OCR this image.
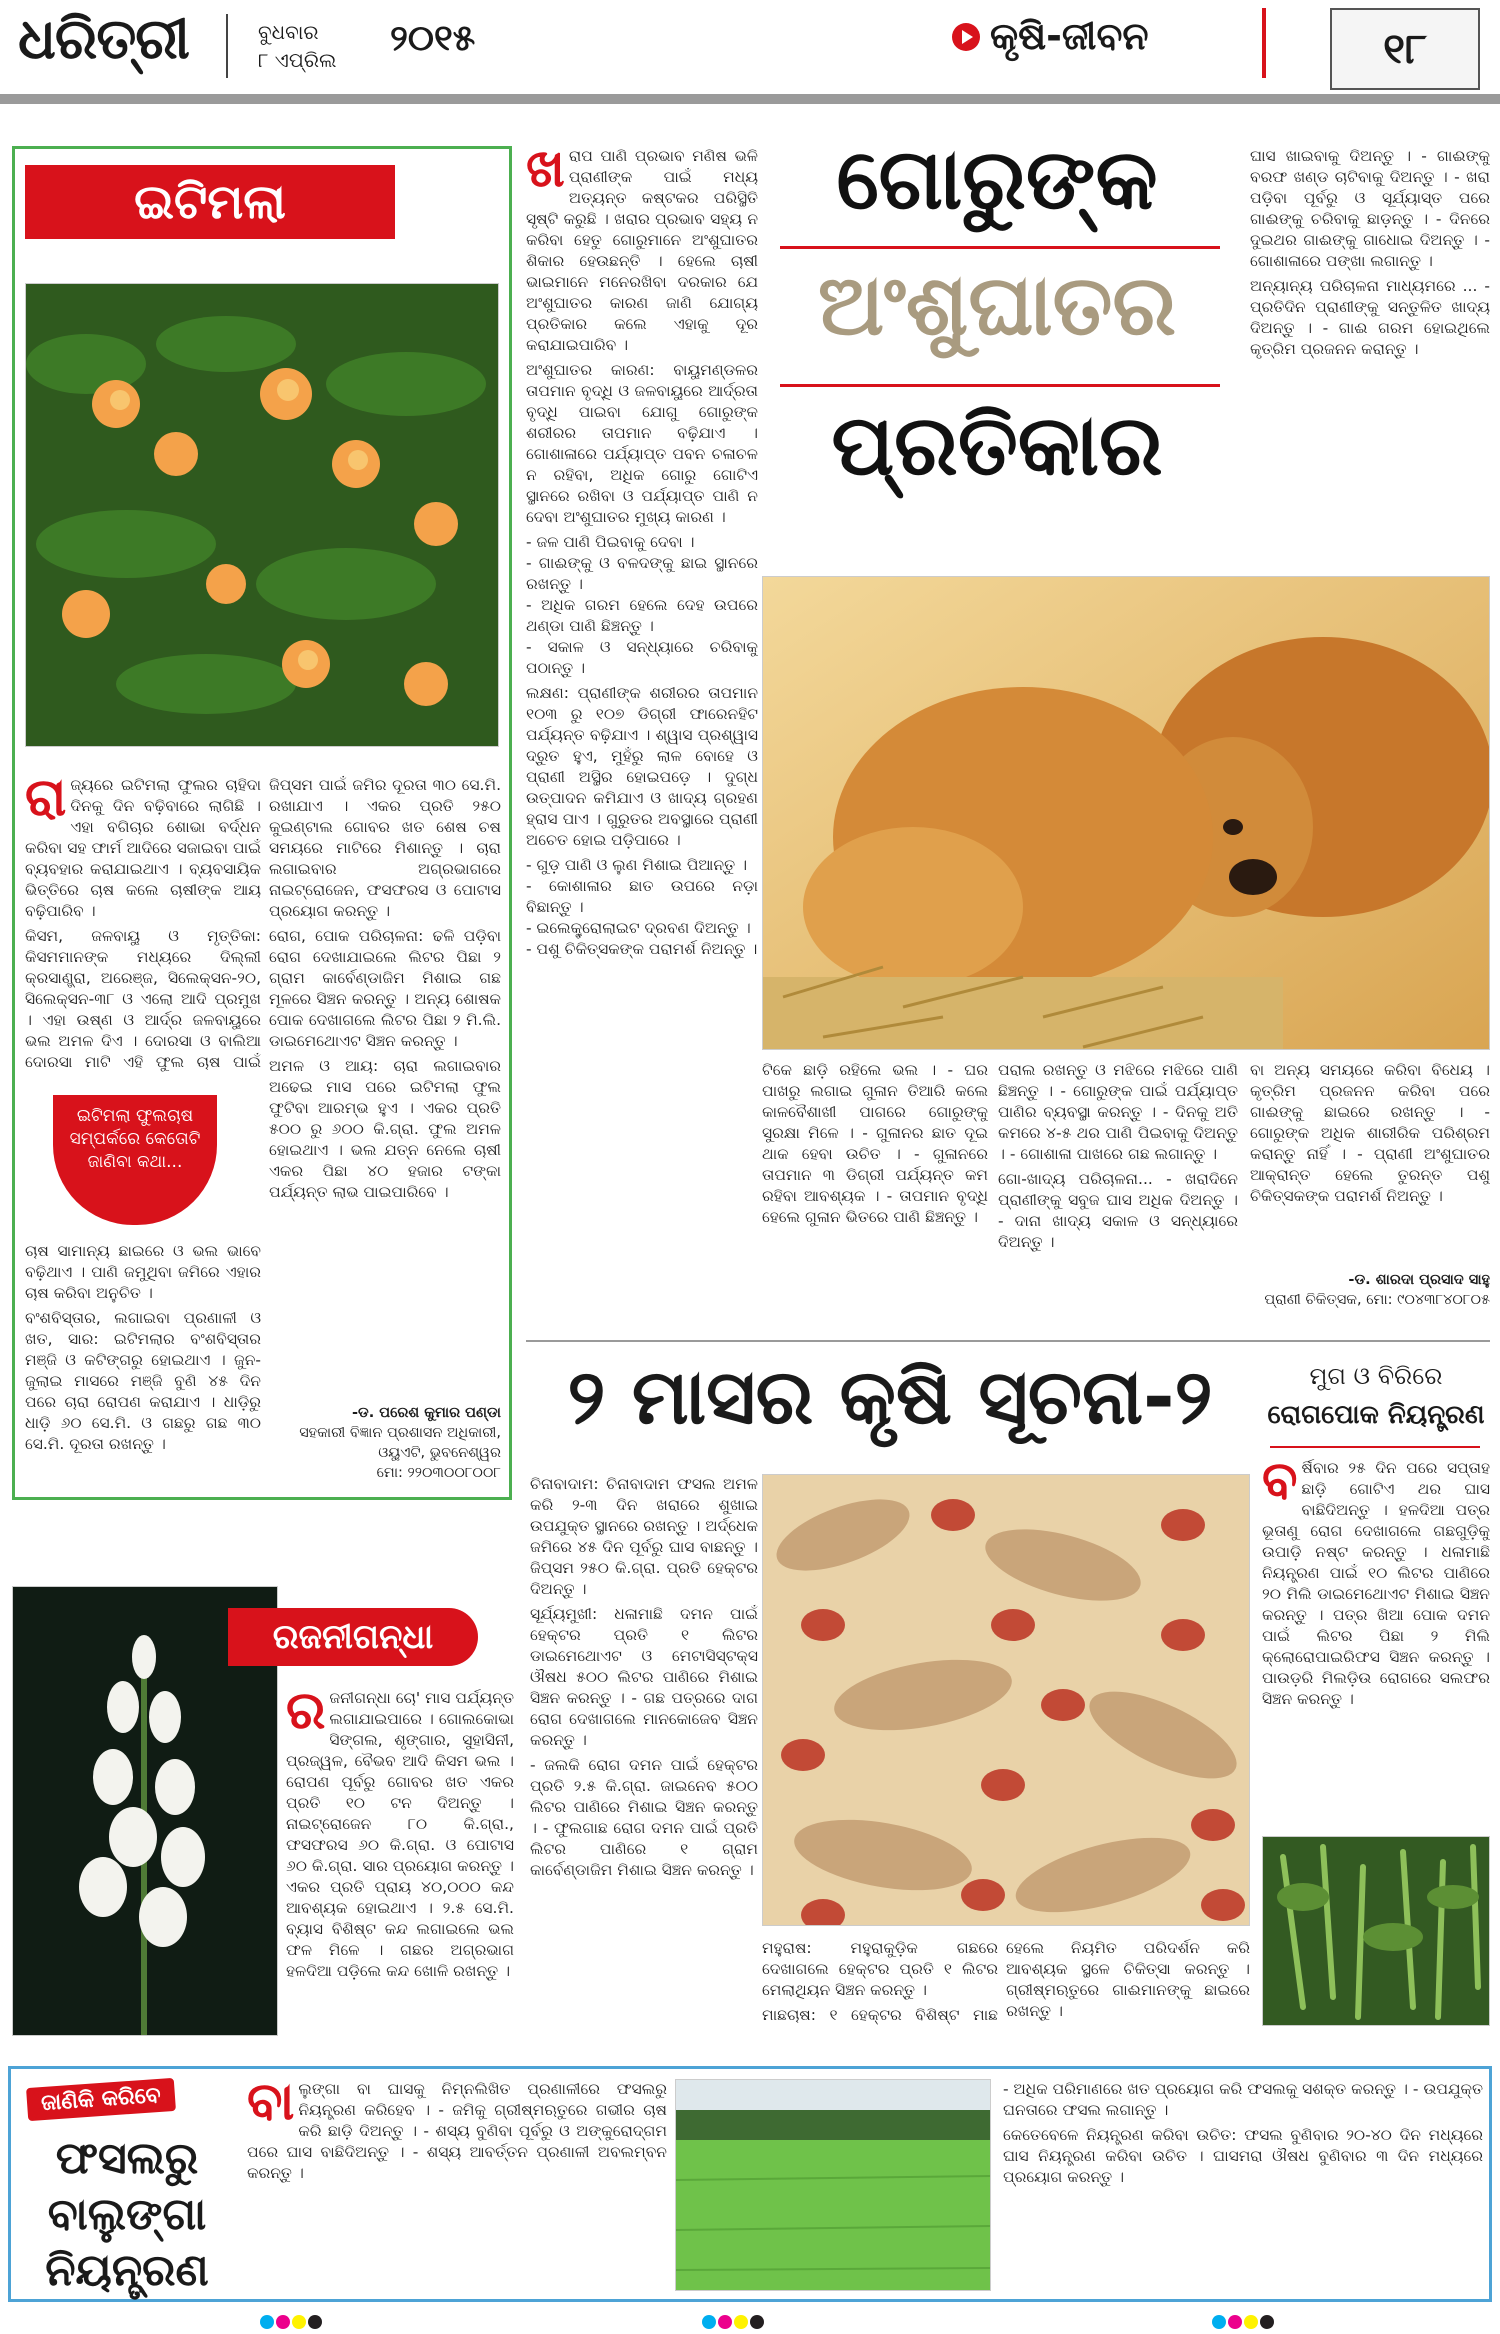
ଧରିତ୍ରୀ	ବୁଧବାର
୮ ଏପ୍ରିଲ
୨୦୧୫	କୃଷି-ଜୀବନ	୧୮
ଇଟିମଲା
ରା ଜ୍ୟରେ ଇଟିମଲା ଫୁଲର ଚାହିଦା ଦିନକୁ ଦିନ ବଢ଼ିବାରେ ଲାଗିଛି । ଏହା ବଗିଚାର ଶୋଭା ବର୍ଦ୍ଧନ କରିବା ସହ ଫାର୍ମ ଆଦିରେ ସଜାଇବା ପାଇଁ ବ୍ୟବହାର କରାଯାଇଥାଏ । ବ୍ୟବସାୟିକ ଭିତ୍ତିରେ ଚାଷ କଲେ ଚାଷୀଙ୍କ ଆୟ ବଢ଼ିପାରିବ ।

କିସମ, ଜଳବାୟୁ ଓ ମୃତ୍ତିକା: କିସମମାନଙ୍କ ମଧ୍ୟରେ ଦିଲ୍ଲୀ କ୍ରସାଣ୍ଡ୍ରା, ଅରେଞ୍ଜ, ସିଲେକ୍ସନ-୨୦, ସିଲେକ୍ସନ-୩୮ ଓ ଏଲୋ ଆଦି ପ୍ରମୁଖ । ଏହା ଉଷ୍ଣ ଓ ଆର୍ଦ୍ର ଜଳବାୟୁରେ ଭଲ ଅମଳ ଦିଏ । ଦୋରସା ଓ ବାଲିଆ ଦୋରସା ମାଟି ଏହି ଫୁଲ ଚାଷ ପାଇଁ

ଇଟିମଲା ଫୁଲଚାଷ ସମ୍ପର୍କରେ କେତୋଟି ଜାଣିବା କଥା...

ଚାଷ ସାମାନ୍ୟ ଛାଇରେ ଓ ଭଲ ଭାବେ ବଢ଼ିଥାଏ । ପାଣି ଜମୁଥିବା ଜମିରେ ଏହାର ଚାଷ କରିବା ଅନୁଚିତ ।

ବଂଶବିସ୍ତାର, ଲଗାଇବା ପ୍ରଣାଳୀ ଓ ଖତ, ସାର: ଇଟିମଲାର ବଂଶବିସ୍ତାର ମଞ୍ଜି ଓ କଟିଙ୍ଗରୁ ହୋଇଥାଏ । ଜୁନ-ଜୁଲାଇ ମାସରେ ମଞ୍ଜି ବୁଣି ୪୫ ଦିନ ପରେ ଚାରା ରୋପଣ କରାଯାଏ । ଧାଡ଼ିରୁ ଧାଡ଼ି ୬୦ ସେ.ମି. ଓ ଗଛରୁ ଗଛ ୩୦ ସେ.ମି. ଦୂରତା ରଖନ୍ତୁ ।

ଜିପ୍ସମ ପାଇଁ ଜମିର ଦୂରତା ୩୦ ସେ.ମି. ରଖାଯାଏ । ଏକର ପ୍ରତି ୨୫୦ କୁଇଣ୍ଟାଲ ଗୋବର ଖତ ଶେଷ ଚଷ ସମୟରେ ମାଟିରେ ମିଶାନ୍ତୁ । ଚାରା ଲଗାଇବାର ଅଗ୍ରଭାଗରେ ନାଇଟ୍ରୋଜେନ, ଫସଫରସ ଓ ପୋଟାସ ପ୍ରୟୋଗ କରନ୍ତୁ ।

ରୋଗ, ପୋକ ପରିଚାଳନା: ଢଳି ପଡ଼ିବା ରୋଗ ଦେଖାଯାଇଲେ ଲିଟର ପିଛା ୨ ଗ୍ରାମ କାର୍ବେଣ୍ଡାଜିମ ମିଶାଇ ଗଛ ମୂଳରେ ସିଞ୍ଚନ କରନ୍ତୁ । ଅନ୍ୟ ଶୋଷକ ପୋକ ଦେଖାଗଲେ ଲିଟର ପିଛା ୨ ମି.ଲି. ଡାଇମେଥୋଏଟ ସିଞ୍ଚନ କରନ୍ତୁ ।

ଅମଳ ଓ ଆୟ: ଚାରା ଲଗାଇବାର ଅଢେଇ ମାସ ପରେ ଇଟିମଲା ଫୁଲ ଫୁଟିବା ଆରମ୍ଭ ହୁଏ । ଏକର ପ୍ରତି ୫୦୦ ରୁ ୬୦୦ କି.ଗ୍ରା. ଫୁଲ ଅମଳ ହୋଇଥାଏ । ଭଲ ଯତ୍ନ ନେଲେ ଚାଷୀ ଏକର ପିଛା ୪୦ ହଜାର ଟଙ୍କା ପର୍ଯ୍ୟନ୍ତ ଲାଭ ପାଇପାରିବେ ।

-ଡ. ପରେଶ କୁମାର ପଣ୍ଡା
ସହକାରୀ ବିଜ୍ଞାନ ପ୍ରଶାସନ ଅଧିକାରୀ, ଓୟୁଏଟି, ଭୁବନେଶ୍ୱର
ମୋ: ୨୨୦୩୦୦୮୦୦୮
ରଜନୀଗନ୍ଧା
ର ଜନୀଗନ୍ଧା ଚୋ' ମାସ ପର୍ଯ୍ୟନ୍ତ ଲଗାଯାଇପାରେ । ଗୋଲକୋଭା ସିଙ୍ଗଲ, ଶୃଙ୍ଗାର, ସୁହାସିନୀ, ପ୍ରଜ୍ୱଳ, ବୈଭବ ଆଦି କିସମ ଭଲ । ରୋପଣ ପୂର୍ବରୁ ଗୋବର ଖତ ଏକର ପ୍ରତି ୧୦ ଟନ ଦିଅନ୍ତୁ । ନାଇଟ୍ରୋଜେନ ୮୦ କି.ଗ୍ରା., ଫସଫରସ ୬୦ କି.ଗ୍ରା. ଓ ପୋଟାସ ୬୦ କି.ଗ୍ରା. ସାର ପ୍ରୟୋଗ କରନ୍ତୁ । ଏକର ପ୍ରତି ପ୍ରାୟ ୪୦,୦୦୦ କନ୍ଦ ଆବଶ୍ୟକ ହୋଇଥାଏ । ୨.୫ ସେ.ମି. ବ୍ୟାସ ବିଶିଷ୍ଟ କନ୍ଦ ଲଗାଇଲେ ଭଲ ଫଳ ମିଳେ । ଗଛର ଅଗ୍ରଭାଗ ହଳଦିଆ ପଡ଼ିଲେ କନ୍ଦ ଖୋଳି ରଖନ୍ତୁ ।

ଖ ରାପ ପାଣି ପ୍ରଭାବ ମଣିଷ ଭଳି ପ୍ରାଣୀଙ୍କ ପାଇଁ ମଧ୍ୟ ଅତ୍ୟନ୍ତ କଷ୍ଟକର ପରିସ୍ଥିତି ସୃଷ୍ଟି କରୁଛି । ଖରାର ପ୍ରଭାବ ସହ୍ୟ ନ କରିବା ହେତୁ ଗୋରୁମାନେ ଅଂଶୁଘାତର ଶିକାର ହେଉଛନ୍ତି । ହେଲେ ଚାଷୀ ଭାଇମାନେ ମନେରଖିବା ଦରକାର ଯେ ଅଂଶୁଘାତର କାରଣ ଜାଣି ଯୋଗ୍ୟ ପ୍ରତିକାର କଲେ ଏହାକୁ ଦୂର କରାଯାଇପାରିବ ।

ଅଂଶୁଘାତର କାରଣ: ବାୟୁମଣ୍ଡଳର ତାପମାନ ବୃଦ୍ଧି ଓ ଜଳବାୟୁରେ ଆର୍ଦ୍ରତା ବୃଦ୍ଧି ପାଇବା ଯୋଗୁ ଗୋରୁଙ୍କ ଶରୀରର ତାପମାନ ବଢ଼ିଯାଏ । ଗୋଶାଳାରେ ପର୍ଯ୍ୟାପ୍ତ ପବନ ଚଳାଚଳ ନ ରହିବା, ଅଧିକ ଗୋରୁ ଗୋଟିଏ ସ୍ଥାନରେ ରଖିବା ଓ ପର୍ଯ୍ୟାପ୍ତ ପାଣି ନ ଦେବା ଅଂଶୁଘାତର ମୁଖ୍ୟ କାରଣ ।

- ଜଳ ପାଣି ପିଇବାକୁ ଦେବା ।
- ଗାଈଙ୍କୁ ଓ ବଳଦଙ୍କୁ ଛାଇ ସ୍ଥାନରେ ରଖନ୍ତୁ ।
- ଅଧିକ ଗରମ ହେଲେ ଦେହ ଉପରେ ଥଣ୍ଡା ପାଣି ଛିଞ୍ଚନ୍ତୁ ।
- ସକାଳ ଓ ସନ୍ଧ୍ୟାରେ ଚରିବାକୁ ପଠାନ୍ତୁ ।

ଲକ୍ଷଣ: ପ୍ରାଣୀଙ୍କ ଶରୀରର ତାପମାନ ୧୦୩ ରୁ ୧୦୭ ଡିଗ୍ରୀ ଫାରେନହିଟ ପର୍ଯ୍ୟନ୍ତ ବଢ଼ିଯାଏ । ଶ୍ୱାସ ପ୍ରଶ୍ୱାସ ଦ୍ରୁତ ହୁଏ, ମୁହଁରୁ ଲାଳ ବୋହେ ଓ ପ୍ରାଣୀ ଅସ୍ଥିର ହୋଇପଡ଼େ । ଦୁଗ୍ଧ ଉତ୍ପାଦନ କମିଯାଏ ଓ ଖାଦ୍ୟ ଗ୍ରହଣ ହ୍ରାସ ପାଏ । ଗୁରୁତର ଅବସ୍ଥାରେ ପ୍ରାଣୀ ଅଚେତ ହୋଇ ପଡ଼ିପାରେ ।

- ଗୁଡ଼ ପାଣି ଓ ଲୁଣ ମିଶାଇ ପିଆନ୍ତୁ ।
- କୋଶାଳାର ଛାତ ଉପରେ ନଡ଼ା ବିଛାନ୍ତୁ ।
- ଇଲେକ୍ଟ୍ରୋଲାଇଟ ଦ୍ରବଣ ଦିଅନ୍ତୁ ।
- ପଶୁ ଚିକିତ୍ସକଙ୍କ ପରାମର୍ଶ ନିଅନ୍ତୁ ।

ଗୋରୁଙ୍କ
ଅଂଶୁଘାତର
ପ୍ରତିକାର

ଘାସ ଖାଇବାକୁ ଦିଅନ୍ତୁ । - ଗାଈଙ୍କୁ ବରଫ ଖଣ୍ଡ ଚାଟିବାକୁ ଦିଅନ୍ତୁ । - ଖରା ପଡ଼ିବା ପୂର୍ବରୁ ଓ ସୂର୍ଯ୍ୟାସ୍ତ ପରେ ଗାଈଙ୍କୁ ଚରିବାକୁ ଛାଡ଼ନ୍ତୁ । - ଦିନରେ ଦୁଇଥର ଗାଈଙ୍କୁ ଗାଧୋଇ ଦିଅନ୍ତୁ । - ଗୋଶାଳାରେ ପଙ୍ଖା ଲଗାନ୍ତୁ ।

ଅନ୍ୟାନ୍ୟ ପରିଚାଳନା ମାଧ୍ୟମରେ ... - ପ୍ରତିଦିନ ପ୍ରାଣୀଙ୍କୁ ସନ୍ତୁଳିତ ଖାଦ୍ୟ ଦିଅନ୍ତୁ । - ଗାଈ ଗରମ ହୋଇଥିଲେ କୃତ୍ରିମ ପ୍ରଜନନ କରାନ୍ତୁ ।

ଟିକେ ଛାଡ଼ି ରହିଲେ ଭଲ । - ଘର ପାଖରୁ ଲଗାଇ ଗୁଳାନ ତିଆରି କଲେ କାଳବୈଶାଖୀ ପାଗରେ ଗୋରୁଙ୍କୁ ସୁରକ୍ଷା ମିଳେ । - ଗୁଳାନର ଛାତ ଦୂଇ ଥାକ ହେବା ଉଚିତ । - ଗୁଳାନରେ ତାପମାନ ୩ ଡିଗ୍ରୀ ପର୍ଯ୍ୟନ୍ତ କମ ରହିବା ଆବଶ୍ୟକ । - ତାପମାନ ବୃଦ୍ଧି ହେଲେ ଗୁଳାନ ଭିତରେ ପାଣି ଛିଞ୍ଚନ୍ତୁ ।

ପରାଲ ରଖନ୍ତୁ ଓ ମଝିରେ ମଝିରେ ପାଣି ଛିଞ୍ଚନ୍ତୁ । - ଗୋରୁଙ୍କ ପାଇଁ ପର୍ଯ୍ୟାପ୍ତ ପାଣିର ବ୍ୟବସ୍ଥା କରନ୍ତୁ । - ଦିନକୁ ଅତି କମରେ ୪-୫ ଥର ପାଣି ପିଇବାକୁ ଦିଅନ୍ତୁ । - ଗୋଶାଳା ପାଖରେ ଗଛ ଲଗାନ୍ତୁ ।

ଗୋ-ଖାଦ୍ୟ ପରିଚାଳନା... - ଖରାଦିନେ ପ୍ରାଣୀଙ୍କୁ ସବୁଜ ଘାସ ଅଧିକ ଦିଅନ୍ତୁ । - ଦାନା ଖାଦ୍ୟ ସକାଳ ଓ ସନ୍ଧ୍ୟାରେ ଦିଅନ୍ତୁ ।

ବା ଅନ୍ୟ ସମୟରେ କରିବା ବିଧେୟ । କୃତ୍ରିମ ପ୍ରଜନନ କରିବା ପରେ ଗାଈଙ୍କୁ ଛାଇରେ ରଖନ୍ତୁ । - ଗୋରୁଙ୍କ ଅଧିକ ଶାରୀରିକ ପରିଶ୍ରମ କରାନ୍ତୁ ନାହିଁ । - ପ୍ରାଣୀ ଅଂଶୁଘାତର ଆକ୍ରାନ୍ତ ହେଲେ ତୁରନ୍ତ ପଶୁ ଚିକିତ୍ସକଙ୍କ ପରାମର୍ଶ ନିଅନ୍ତୁ ।

-ଡ. ଶାରଦା ପ୍ରସାଦ ସାହୁ
ପ୍ରାଣୀ ଚିକିତ୍ସକ, ମୋ: ୯୦୪୩୮୪୦୮୦୫
୨ ମାସର କୃଷି ସୂଚନା-୨

ଚିନାବାଦାମ: ଚିନାବାଦାମ ଫସଲ ଅମଳ କରି ୨-୩ ଦିନ ଖରାରେ ଶୁଖାଇ ଉପଯୁକ୍ତ ସ୍ଥାନରେ ରଖନ୍ତୁ । ଅର୍ଦ୍ଧେକ ଜମିରେ ୪୫ ଦିନ ପୂର୍ବରୁ ଘାସ ବାଛନ୍ତୁ । ଜିପ୍ସମ ୨୫୦ କି.ଗ୍ରା. ପ୍ରତି ହେକ୍ଟର ଦିଅନ୍ତୁ ।

ସୂର୍ଯ୍ୟମୁଖୀ: ଧଳାମାଛି ଦମନ ପାଇଁ ହେକ୍ଟର ପ୍ରତି ୧ ଲିଟର ଡାଇମେଥୋଏଟ ଓ ମେଟାସିସ୍ଟକ୍ସ ଔଷଧ ୫୦୦ ଲିଟର ପାଣିରେ ମିଶାଇ ସିଞ୍ଚନ କରନ୍ତୁ । - ଗଛ ପତ୍ରରେ ଦାଗ ରୋଗ ଦେଖାଗଲେ ମାନକୋଜେବ ସିଞ୍ଚନ କରନ୍ତୁ ।

- ଜଲକି ରୋଗ ଦମନ ପାଇଁ ହେକ୍ଟର ପ୍ରତି ୨.୫ କି.ଗ୍ରା. ଜାଇନେବ ୫୦୦ ଲିଟର ପାଣିରେ ମିଶାଇ ସିଞ୍ଚନ କରନ୍ତୁ । - ଫୁଲଗାଛ ରୋଗ ଦମନ ପାଇଁ ପ୍ରତି ଲିଟର ପାଣିରେ ୧ ଗ୍ରାମ କାର୍ବେଣ୍ଡାଜିମ ମିଶାଇ ସିଞ୍ଚନ କରନ୍ତୁ ।

ମହୁରାଷ: ମହୁରାକୁଡ଼ିକ ଗଛରେ ଦେଖାଗଲେ ହେକ୍ଟର ପ୍ରତି ୧ ଲିଟର ମେଲାଥିୟନ ସିଞ୍ଚନ କରନ୍ତୁ ।

ମାଛଚାଷ: ୧ ହେକ୍ଟର ବିଶିଷ୍ଟ ମାଛ

ହେଲେ ନିୟମିତ ପରିଦର୍ଶନ କରି ଆବଶ୍ୟକ ସ୍ଥଳେ ଚିକିତ୍ସା କରନ୍ତୁ । ଗ୍ରୀଷ୍ମଋତୁରେ ଗାଈମାନଙ୍କୁ ଛାଇରେ ରଖନ୍ତୁ ।

ମୁଗ ଓ ବିରିରେ
ରୋଗପୋକ ନିୟନ୍ତ୍ରଣ
ବ ର୍ଷିବାର ୨୫ ଦିନ ପରେ ସପ୍ତାହ ଛାଡ଼ି ଗୋଟିଏ ଥର ଘାସ ବାଛିଦିଅନ୍ତୁ । ହଳଦିଆ ପତ୍ର ଭୂତାଣୁ ରୋଗ ଦେଖାଗଲେ ଗଛଗୁଡ଼ିକୁ ଉପାଡ଼ି ନଷ୍ଟ କରନ୍ତୁ । ଧଳାମାଛି ନିୟନ୍ତ୍ରଣ ପାଇଁ ୧୦ ଲିଟର ପାଣିରେ ୨୦ ମିଲି ଡାଇମେଥୋଏଟ ମିଶାଇ ସିଞ୍ଚନ କରନ୍ତୁ । ପତ୍ର ଖିଆ ପୋକ ଦମନ ପାଇଁ ଲିଟର ପିଛା ୨ ମିଲି କ୍ଲୋରୋପାଇରିଫସ ସିଞ୍ଚନ କରନ୍ତୁ । ପାଉଡ଼ରି ମିଲଡ଼ିଉ ରୋଗରେ ସଲଫର ସିଞ୍ଚନ କରନ୍ତୁ ।

ଜାଣିକି କରିବେ
ଫସଲରୁ
ବାଲୁଙ୍ଗା
ନିୟନ୍ତ୍ରଣ
ବା ଲୁଙ୍ଗା ବା ଘାସକୁ ନିମ୍ନଲିଖିତ ପ୍ରଣାଳୀରେ ଫସଲରୁ ନିୟନ୍ତ୍ରଣ କରିହେବ । - ଜମିକୁ ଗ୍ରୀଷ୍ମଋତୁରେ ଗଭୀର ଚାଷ କରି ଛାଡ଼ି ଦିଅନ୍ତୁ । - ଶସ୍ୟ ବୁଣିବା ପୂର୍ବରୁ ଓ ଅଙ୍କୁରୋଦ୍ଗମ ପରେ ଘାସ ବାଛିଦିଅନ୍ତୁ । - ଶସ୍ୟ ଆବର୍ତ୍ତନ ପ୍ରଣାଳୀ ଅବଲମ୍ବନ କରନ୍ତୁ ।

- ଅଧିକ ପରିମାଣରେ ଖତ ପ୍ରୟୋଗ କରି ଫସଲକୁ ସଶକ୍ତ କରନ୍ତୁ । - ଉପଯୁକ୍ତ ଘନତାରେ ଫସଲ ଲଗାନ୍ତୁ ।

କେତେବେଳେ ନିୟନ୍ତ୍ରଣ କରିବା ଉଚିତ: ଫସଲ ବୁଣିବାର ୨୦-୪୦ ଦିନ ମଧ୍ୟରେ ଘାସ ନିୟନ୍ତ୍ରଣ କରିବା ଉଚିତ । ଘାସମରା ଔଷଧ ବୁଣିବାର ୩ ଦିନ ମଧ୍ୟରେ ପ୍ରୟୋଗ କରନ୍ତୁ ।
